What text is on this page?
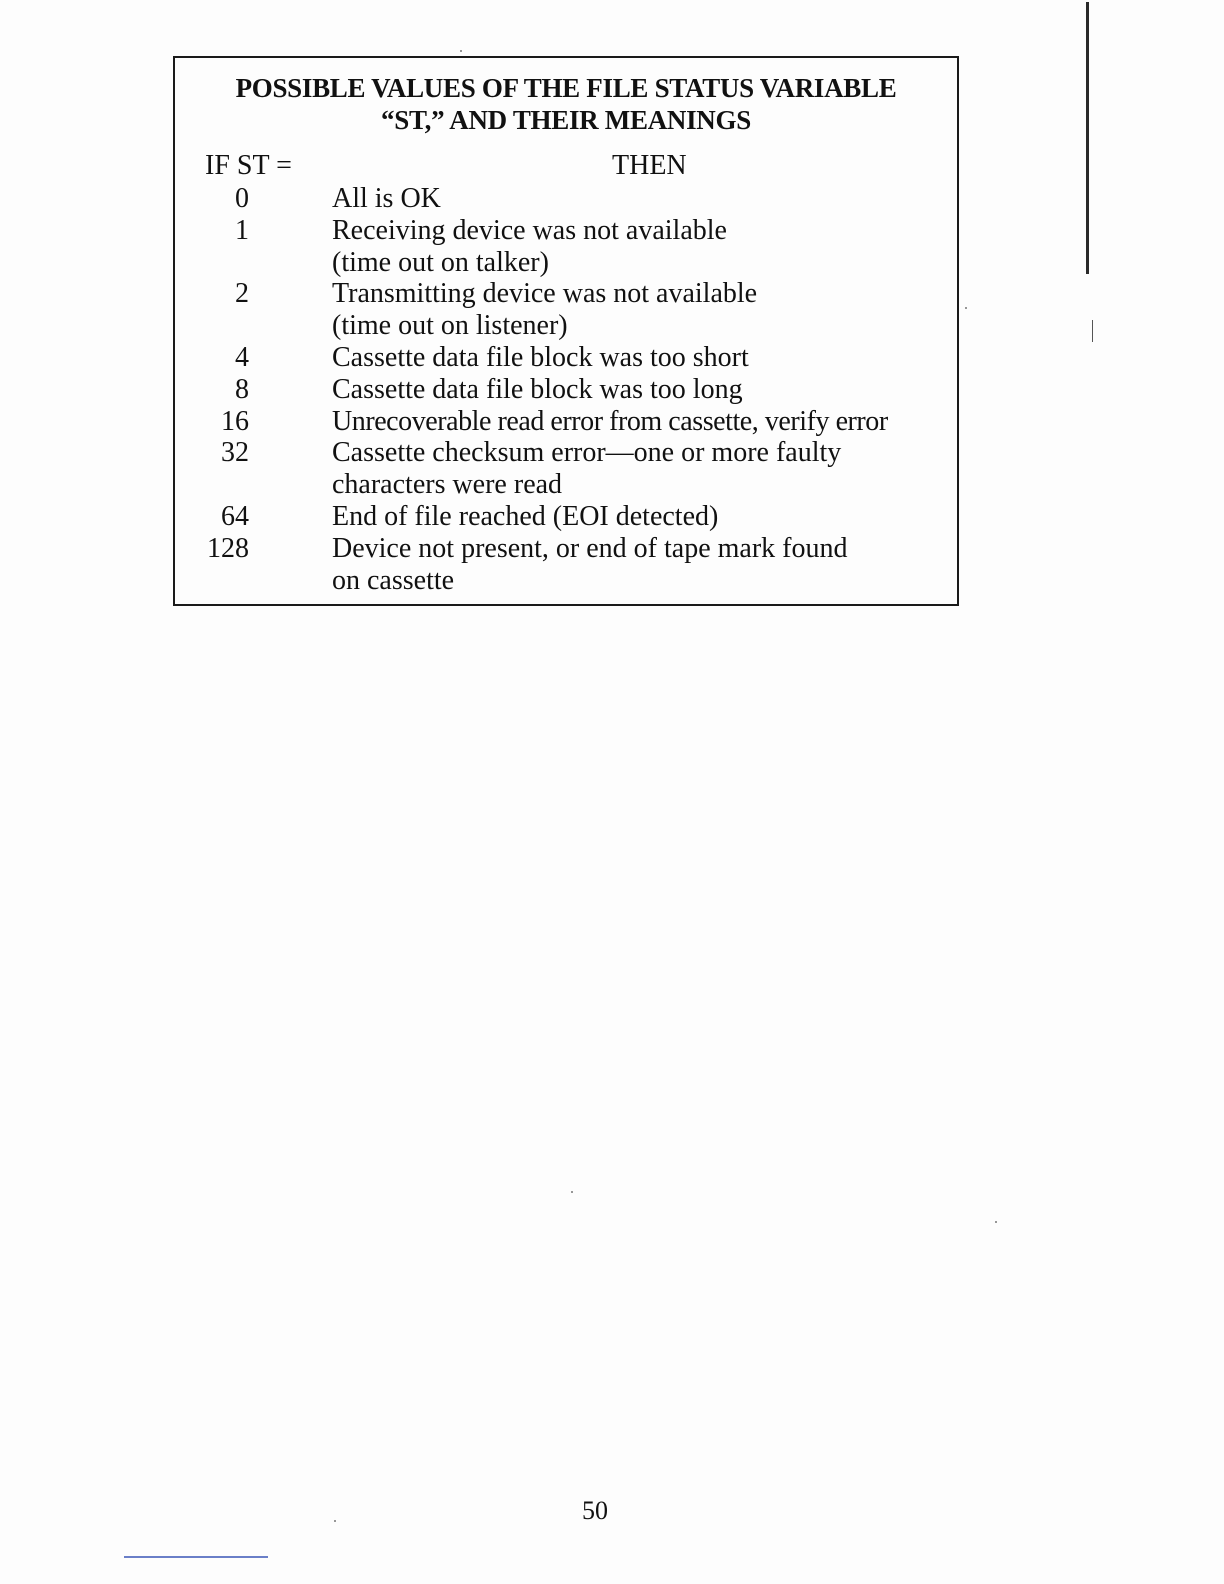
POSSIBLE VALUES OF THE FILE STATUS VARIABLE
“ST,” AND THEIR MEANINGS
IF ST =	THEN
0	All is OK
1	Receiving device was not available
(time out on talker)
2	Transmitting device was not available
(time out on listener)
4	Cassette data file block was too short
8	Cassette data file block was too long
16	Unrecoverable read error from cassette, verify error
32	Cassette checksum error—one or more faulty
characters were read
64	End of file reached (EOI detected)
128	Device not present, or end of tape mark found
on cassette
50
